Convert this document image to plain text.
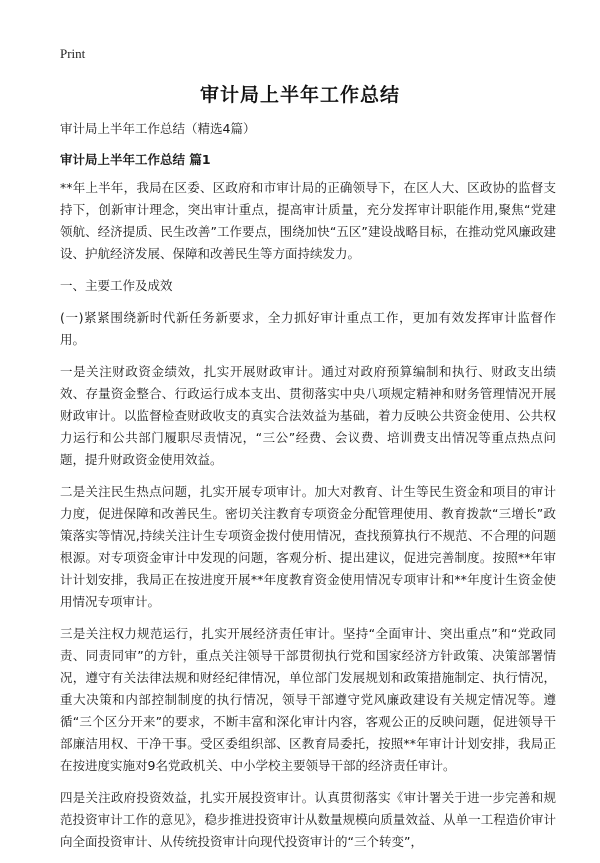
Print
审计局上半年工作总结

审计局上半年工作总结（精选4篇）

审计局上半年工作总结 篇1

**年上半年，我局在区委、区政府和市审计局的正确领导下，在区人大、区政协的监督支持下，创新审计理念，突出审计重点，提高审计质量，充分发挥审计职能作用,聚焦“党建领航、经济提质、民生改善”工作要点，围绕加快“五区”建设战略目标，在推动党风廉政建设、护航经济发展、保障和改善民生等方面持续发力。

一、主要工作及成效

(一)紧紧围绕新时代新任务新要求，全力抓好审计重点工作，更加有效发挥审计监督作用。

一是关注财政资金绩效，扎实开展财政审计。通过对政府预算编制和执行、财政支出绩效、存量资金整合、行政运行成本支出、贯彻落实中央八项规定精神和财务管理情况开展财政审计。以监督检查财政收支的真实合法效益为基础，着力反映公共资金使用、公共权力运行和公共部门履职尽责情况，“三公”经费、会议费、培训费支出情况等重点热点问题，提升财政资金使用效益。

二是关注民生热点问题，扎实开展专项审计。加大对教育、计生等民生资金和项目的审计力度，促进保障和改善民生。密切关注教育专项资金分配管理使用、教育拨款“三增长”政策落实等情况,持续关注计生专项资金拨付使用情况，查找预算执行不规范、不合理的问题根源。对专项资金审计中发现的问题，客观分析、提出建议，促进完善制度。按照**年审计计划安排，我局正在按进度开展**年度教育资金使用情况专项审计和**年度计生资金使用情况专项审计。

三是关注权力规范运行，扎实开展经济责任审计。坚持“全面审计、突出重点”和“党政同责、同责同审”的方针，重点关注领导干部贯彻执行党和国家经济方针政策、决策部署情况，遵守有关法律法规和财经纪律情况，单位部门发展规划和政策措施制定、执行情况，重大决策和内部控制制度的执行情况，领导干部遵守党风廉政建设有关规定情况等。遵循“三个区分开来”的要求，不断丰富和深化审计内容，客观公正的反映问题，促进领导干部廉洁用权、干净干事。受区委组织部、区教育局委托，按照**年审计计划安排，我局正在按进度实施对9名党政机关、中小学校主要领导干部的经济责任审计。

四是关注政府投资效益，扎实开展投资审计。认真贯彻落实《审计署关于进一步完善和规范投资审计工作的意见》，稳步推进投资审计从数量规模向质量效益、从单一工程造价审计向全面投资审计、从传统投资审计向现代投资审计的“三个转变”，
